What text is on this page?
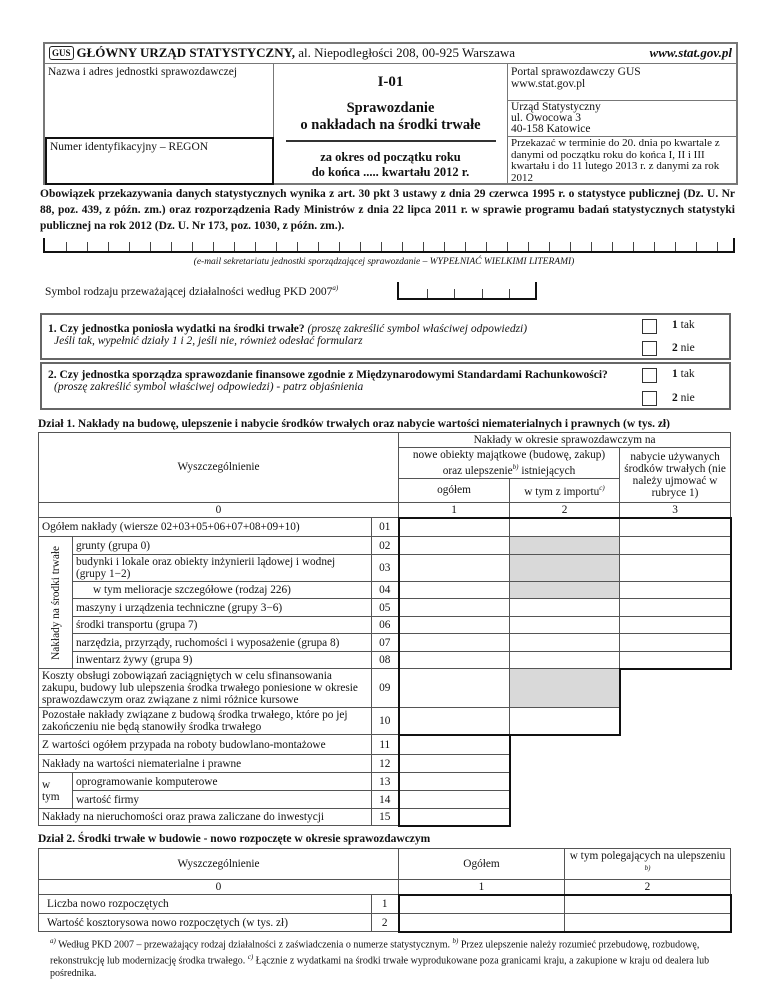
GUS GŁÓWNY URZĄD STATYSTYCZNY, al. Niepodległości 208, 00-925 Warszawa	www.stat.gov.pl
Nazwa i adres jednostki sprawozdawczej
Numer identyfikacyjny – REGON
I-01
Sprawozdanie
o nakładach na środki trwałe
za okres od początku roku
do końca ..... kwartału 2012 r.
Portal sprawozdawczy GUS
www.stat.gov.pl
Urząd Statystyczny
ul. Owocowa 3
40-158 Katowice
Przekazać w terminie do 20. dnia po kwartale z danymi od początku roku do końca I, II i III kwartału i do 11 lutego 2013 r. z danymi za rok 2012
Obowiązek przekazywania danych statystycznych wynika z art. 30 pkt 3 ustawy z dnia 29 czerwca 1995 r. o statystyce publicznej (Dz. U. Nr 88, poz. 439, z późn. zm.) oraz rozporządzenia Rady Ministrów z dnia 22 lipca 2011 r. w sprawie programu badań statystycznych statystyki publicznej na rok 2012 (Dz. U. Nr 173, poz. 1030, z późn. zm.).
(e-mail sekretariatu jednostki sporządzającej sprawozdanie – WYPEŁNIAĆ WIELKIMI LITERAMI)
Symbol rodzaju przeważającej działalności według PKD 2007$^{a)}$
1. Czy jednostka poniosła wydatki na środki trwałe? (proszę zakreślić symbol właściwej odpowiedzi)
Jeśli tak, wypełnić działy 1 i 2, jeśli nie, również odesłać formularz
1 tak
2 nie
2. Czy jednostka sporządza sprawozdanie finansowe zgodnie z Międzynarodowymi Standardami Rachunkowości?
(proszę zakreślić symbol właściwej odpowiedzi) - patrz objaśnienia
1 tak
2 nie
Dział 1. Nakłady na budowę, ulepszenie i nabycie środków trwałych oraz nabycie wartości niematerialnych i prawnych (w tys. zł)
Wyszczególnienie			Nakłady w okresie sprawozdawczym na		
			nowe obiekty majątkowe (budowę, zakup) oraz ulepszenie$^{b)}$ istniejących		nabycie używanych środków trwałych (nie należy ujmować w rubryce 1)
			ogółem	w tym z importu$^{c)}$
0			1	2	3
Ogółem nakłady (wiersze 02+03+05+06+07+08+09+10)		01			

Nakłady na środki trwałe	grunty (grupa 0)	02			
	budynki i lokale oraz obiekty inżynierii lądowej i wodnej (grupy 1−2)	03			
	w tym melioracje szczegółowe (rodzaj 226)	04			
	maszyny i urządzenia techniczne (grupy 3−6)	05			
	środki transportu (grupa 7)	06			
	narzędzia, przyrządy, ruchomości i wyposażenie (grupa 8)	07			
	inwentarz żywy (grupa 9)	08			
Koszty obsługi zobowiązań zaciągniętych w celu sfinansowania zakupu, budowy lub ulepszenia środka trwałego poniesione w okresie sprawozdawczym oraz związane z nimi różnice kursowe		09			
Pozostałe nakłady związane z budową środka trwałego, które po jej zakończeniu nie będą stanowiły środka trwałego		10			
Z wartości ogółem przypada na roboty budowlano-montażowe		11			
Nakłady na wartości niematerialne i prawne		12			
w tym	oprogramowanie komputerowe	13			
	wartość firmy	14			
Nakłady na nieruchomości oraz prawa zaliczane do inwestycji		15			
Dział 2. Środki trwałe w budowie - nowo rozpoczęte w okresie sprawozdawczym
Wyszczególnienie		Ogółem	w tym polegających na ulepszeniu $^{b)}$
0		1	2
Liczba nowo rozpoczętych	1		
Wartość kosztorysowa nowo rozpoczętych (w tys. zł)	2		
$^{a)}$ Według PKD 2007 – przeważający rodzaj działalności z zaświadczenia o numerze statystycznym. $^{b)}$ Przez ulepszenie należy rozumieć przebudowę, rozbudowę, rekonstrukcję lub modernizację środka trwałego. $^{c)}$ Łącznie z wydatkami na środki trwałe wyprodukowane poza granicami kraju, a zakupione w kraju od dealera lub pośrednika.
